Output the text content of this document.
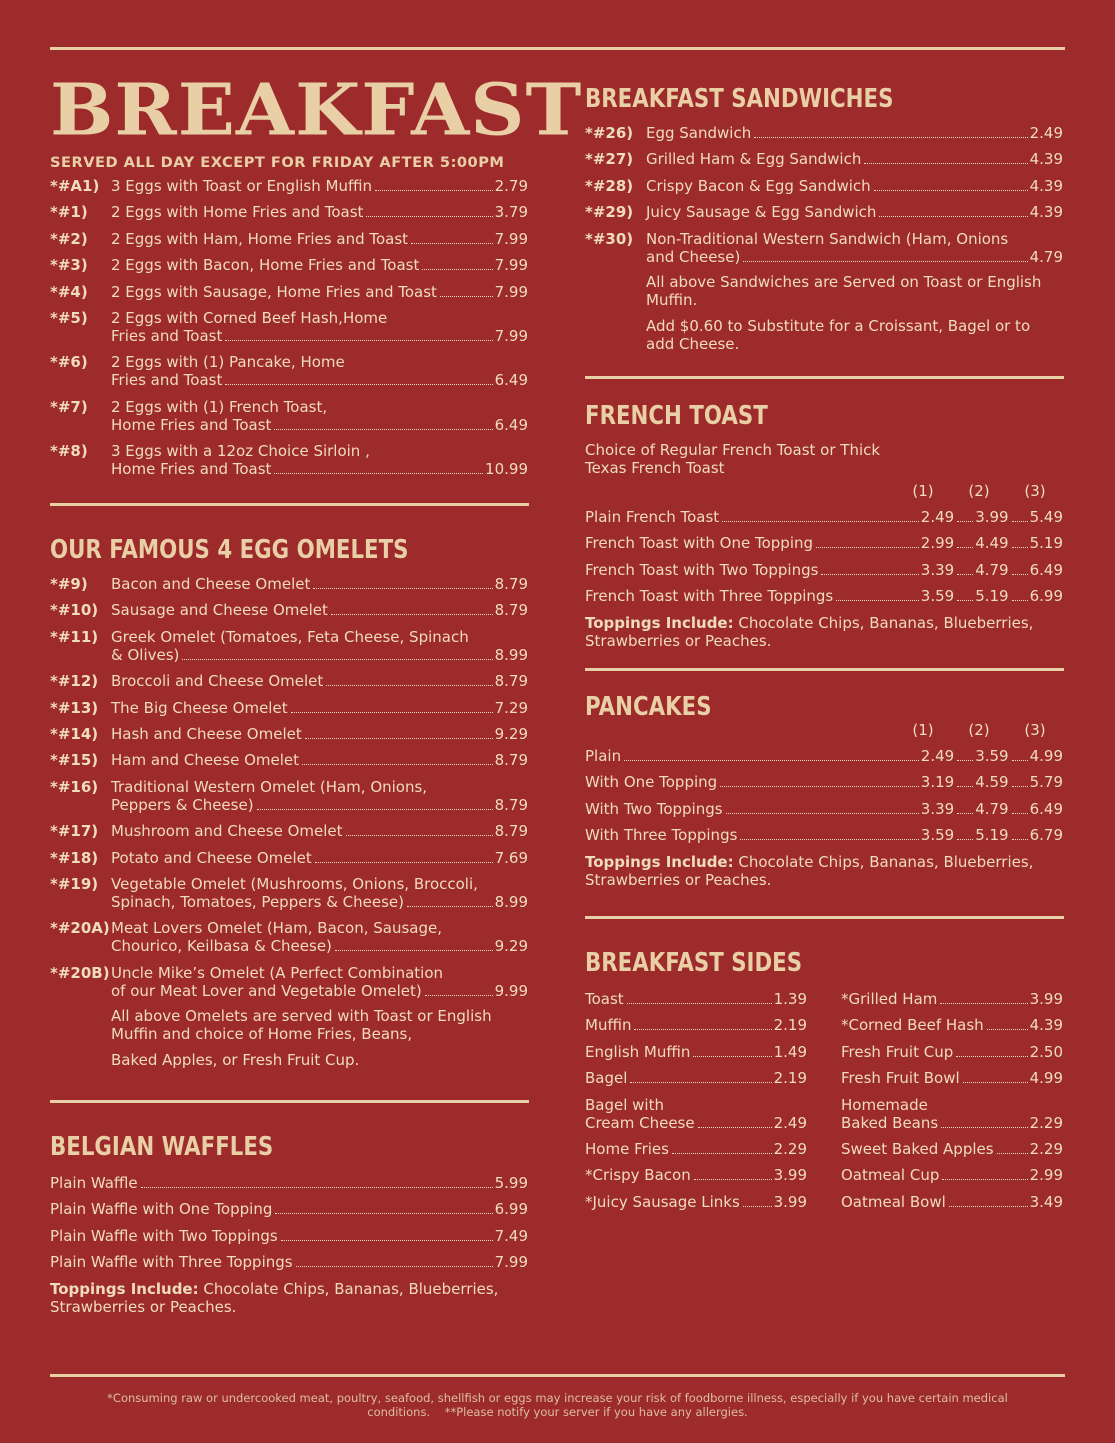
BREAKFAST

SERVED ALL DAY EXCEPT FOR FRIDAY AFTER 5:00PM

*#A1) 3 Eggs with Toast or English Muffin	2.79
*#1)	2 Eggs with Home Fries and Toast	3.79
*#2)	2 Eggs with Ham, Home Fries and Toast	7.99
*#3)	2 Eggs with Bacon, Home Fries and Toast	7.99
*#4)	2 Eggs with Sausage, Home Fries and Toast	7.99
*#5)	2 Eggs with Corned Beef Hash,Home
Fries and Toast	7.99
*#6)	2 Eggs with (1) Pancake, Home
Fries and Toast	6.49
*#7)	2 Eggs with (1) French Toast,
Home Fries and Toast	6.49
*#8)	3 Eggs with a 12oz Choice Sirloin ,
Home Fries and Toast	10.99
OUR FAMOUS 4 EGG OMELETS
*#9)	Bacon and Cheese Omelet	8.79
*#10) Sausage and Cheese Omelet	8.79
*#11) Greek Omelet (Tomatoes, Feta Cheese, Spinach
& Olives)	8.99
*#12) Broccoli and Cheese Omelet	8.79
*#13) The Big Cheese Omelet	7.29
*#14) Hash and Cheese Omelet	9.29
*#15) Ham and Cheese Omelet	8.79
*#16) Traditional Western Omelet (Ham, Onions,
Peppers & Cheese)	8.79
*#17) Mushroom and Cheese Omelet	8.79
*#18) Potato and Cheese Omelet	7.69
*#19) Vegetable Omelet (Mushrooms, Onions, Broccoli,
Spinach, Tomatoes, Peppers & Cheese)	8.99
*#20A) Meat Lovers Omelet (Ham, Bacon, Sausage,
Chourico, Keilbasa & Cheese)	9.29
*#20B) Uncle Mike’s Omelet (A Perfect Combination
of our Meat Lover and Vegetable Omelet)	9.99
All above Omelets are served with Toast or English Muffin and choice of Home Fries, Beans,
Baked Apples, or Fresh Fruit Cup.
BELGIAN WAFFLES
Plain Waffle	5.99
Plain Waffle with One Topping	6.99
Plain Waffle with Two Toppings	7.49
Plain Waffle with Three Toppings	7.99
Toppings Include: Chocolate Chips, Bananas, Blueberries, Strawberries or Peaches.
BREAKFAST SANDWICHES
*#26) Egg Sandwich	2.49
*#27) Grilled Ham & Egg Sandwich	4.39
*#28) Crispy Bacon & Egg Sandwich	4.39
*#29) Juicy Sausage & Egg Sandwich	4.39
*#30) Non-Traditional Western Sandwich (Ham, Onions
and Cheese)	4.79
All above Sandwiches are Served on Toast or English Muffin.
Add $0.60 to Substitute for a Croissant, Bagel or to add Cheese.
FRENCH TOAST
Choice of Regular French Toast or Thick Texas French Toast
(1)	(2)	(3)
Plain French Toast	2.49 3.99 5.49
French Toast with One Topping	2.99 4.49 5.19
French Toast with Two Toppings	3.39 4.79 6.49
French Toast with Three Toppings	3.59 5.19 6.99
Toppings Include: Chocolate Chips, Bananas, Blueberries, Strawberries or Peaches.
PANCAKES
(1)	(2)	(3)
Plain	2.49 3.59 4.99
With One Topping	3.19 4.59 5.79
With Two Toppings	3.39 4.79 6.49
With Three Toppings	3.59 5.19 6.79
Toppings Include: Chocolate Chips, Bananas, Blueberries, Strawberries or Peaches.
BREAKFAST SIDES
Toast	1.39
Muffin	2.19
English Muffin	1.49
Bagel	2.19
Bagel with
Cream Cheese	2.49
Home Fries	2.29
*Crispy Bacon	3.99
*Juicy Sausage Links 3.99
*Grilled Ham	3.99
*Corned Beef Hash	4.39
Fresh Fruit Cup	2.50
Fresh Fruit Bowl	4.99
Homemade
Baked Beans	2.29
Sweet Baked Apples 2.29
Oatmeal Cup	2.99
Oatmeal Bowl	3.49
*Consuming raw or undercooked meat, poultry, seafood, shellfish or eggs may increase your risk of foodborne illness, especially if you have certain medical
conditions.    **Please notify your server if you have any allergies.
